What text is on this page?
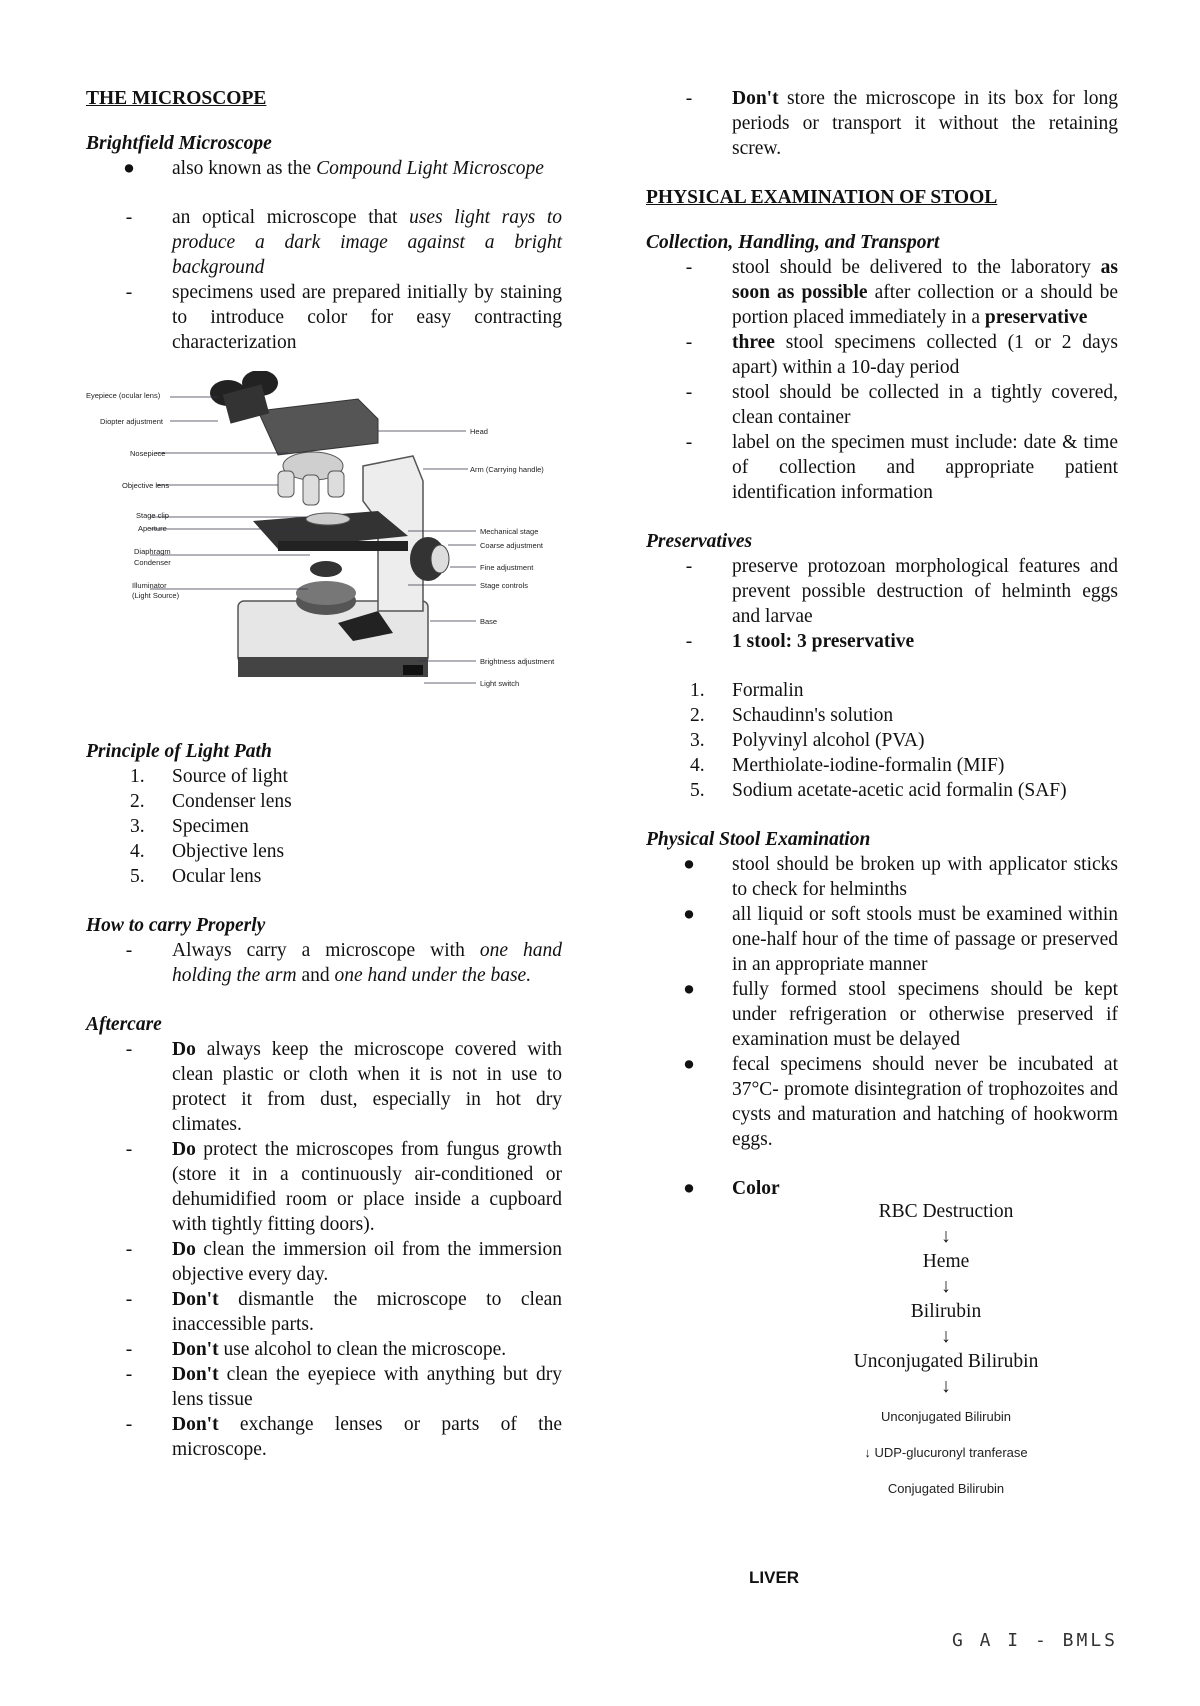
THE MICROSCOPE
Brightfield Microscope
●	also known as the Compound Light Microscope
-	an optical microscope that uses light rays to produce a dark image against a bright background
-	specimens used are prepared initially by staining to introduce color for easy contracting characterization
Eyepiece (ocular lens)
Diopter adjustment
Nosepiece
Objective lens
Stage clip
Aperture
Diaphragm
Condenser
Illuminator
(Light Source)
Head
Arm (Carrying handle)
Mechanical stage
Coarse adjustment
Fine adjustment
Stage controls
Base
Brightness adjustment
Light switch
Principle of Light Path
1.	Source of light
2.	Condenser lens
3.	Specimen
4.	Objective lens
5.	Ocular lens
How to carry Properly
-	Always carry a microscope with one hand holding the arm and one hand under the base.
Aftercare
-	Do always keep the microscope covered with clean plastic or cloth when it is not in use to protect it from dust, especially in hot dry climates.
-	Do protect the microscopes from fungus growth (store it in a continuously air-conditioned or dehumidified room or place inside a cupboard with tightly fitting doors).
-	Do clean the immersion oil from the immersion objective every day.
-	Don't dismantle the microscope to clean inaccessible parts.
-	Don't use alcohol to clean the microscope.
-	Don't clean the eyepiece with anything but dry lens tissue
-	Don't exchange lenses or parts of the microscope.
-	Don't store the microscope in its box for long periods or transport it without the retaining screw.
PHYSICAL EXAMINATION OF STOOL
Collection, Handling, and Transport
-	stool should be delivered to the laboratory as soon as possible after collection or a should be portion placed immediately in a preservative
-	three stool specimens collected (1 or 2 days apart) within a 10-day period
-	stool should be collected in a tightly covered, clean container
-	label on the specimen must include: date & time of collection and appropriate patient identification information
Preservatives
-	preserve protozoan morphological features and prevent possible destruction of helminth eggs and larvae
-	1 stool: 3 preservative
1.	Formalin
2.	Schaudinn's solution
3.	Polyvinyl alcohol (PVA)
4.	Merthiolate-iodine-formalin (MIF)
5.	Sodium acetate-acetic acid formalin (SAF)
Physical Stool Examination
●	stool should be broken up with applicator sticks to check for helminths
●	all liquid or soft stools must be examined within one-half hour of the time of passage or preserved in an appropriate manner
●	fully formed stool specimens should be kept under refrigeration or otherwise preserved if examination must be delayed
●	fecal specimens should never be incubated at 37°C- promote disintegration of trophozoites and cysts and maturation and hatching of hookworm eggs.
●	Color
RBC Destruction
↓
Heme
↓
Bilirubin
↓
Unconjugated Bilirubin
↓
Unconjugated Bilirubin
↓ UDP-glucuronyl tranferase
Conjugated Bilirubin
LIVER
G A I - BMLS
